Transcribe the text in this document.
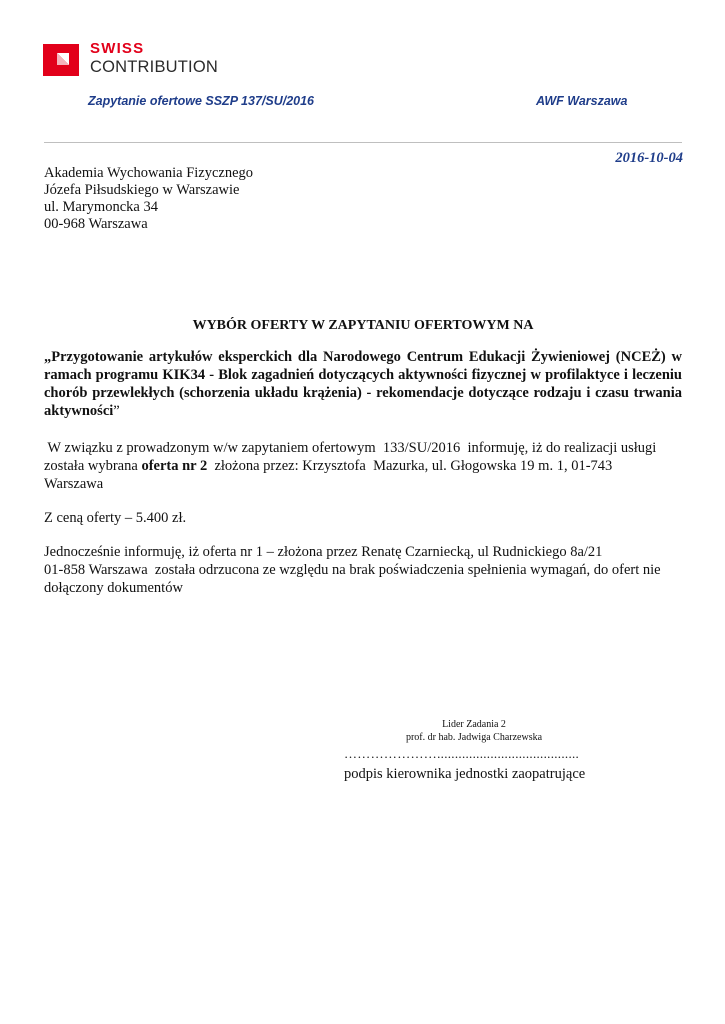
SWISS
CONTRIBUTION
Zapytanie ofertowe SSZP 137/SU/2016	AWF Warszawa
2016-10-04
Akademia Wychowania Fizycznego
Józefa Piłsudskiego w Warszawie
ul. Marymoncka 34
00-968 Warszawa
WYBÓR OFERTY W ZAPYTANIU OFERTOWYM NA
„Przygotowanie artykułów eksperckich dla Narodowego Centrum Edukacji Żywieniowej (NCEŻ) w ramach programu KIK34 - Blok zagadnień dotyczących aktywności fizycznej w profilaktyce i leczeniu chorób przewlekłych (schorzenia układu krążenia) - rekomendacje dotyczące rodzaju i czasu trwania aktywności”
W związku z prowadzonym w/w zapytaniem ofertowym  133/SU/2016  informuję, iż do realizacji usługi
została wybrana oferta nr 2  złożona przez: Krzysztofa  Mazurka, ul. Głogowska 19 m. 1, 01-743
Warszawa
Z ceną oferty – 5.400 zł.
Jednocześnie informuję, iż oferta nr 1 – złożona przez Renatę Czarniecką, ul Rudnickiego 8a/21
01-858 Warszawa  została odrzucona ze względu na brak poświadczenia spełnienia wymagań, do ofert nie
dołączony dokumentów
Lider Zadania 2
prof. dr hab. Jadwiga Charzewska
…………………........................................
podpis kierownika jednostki zaopatrujące
